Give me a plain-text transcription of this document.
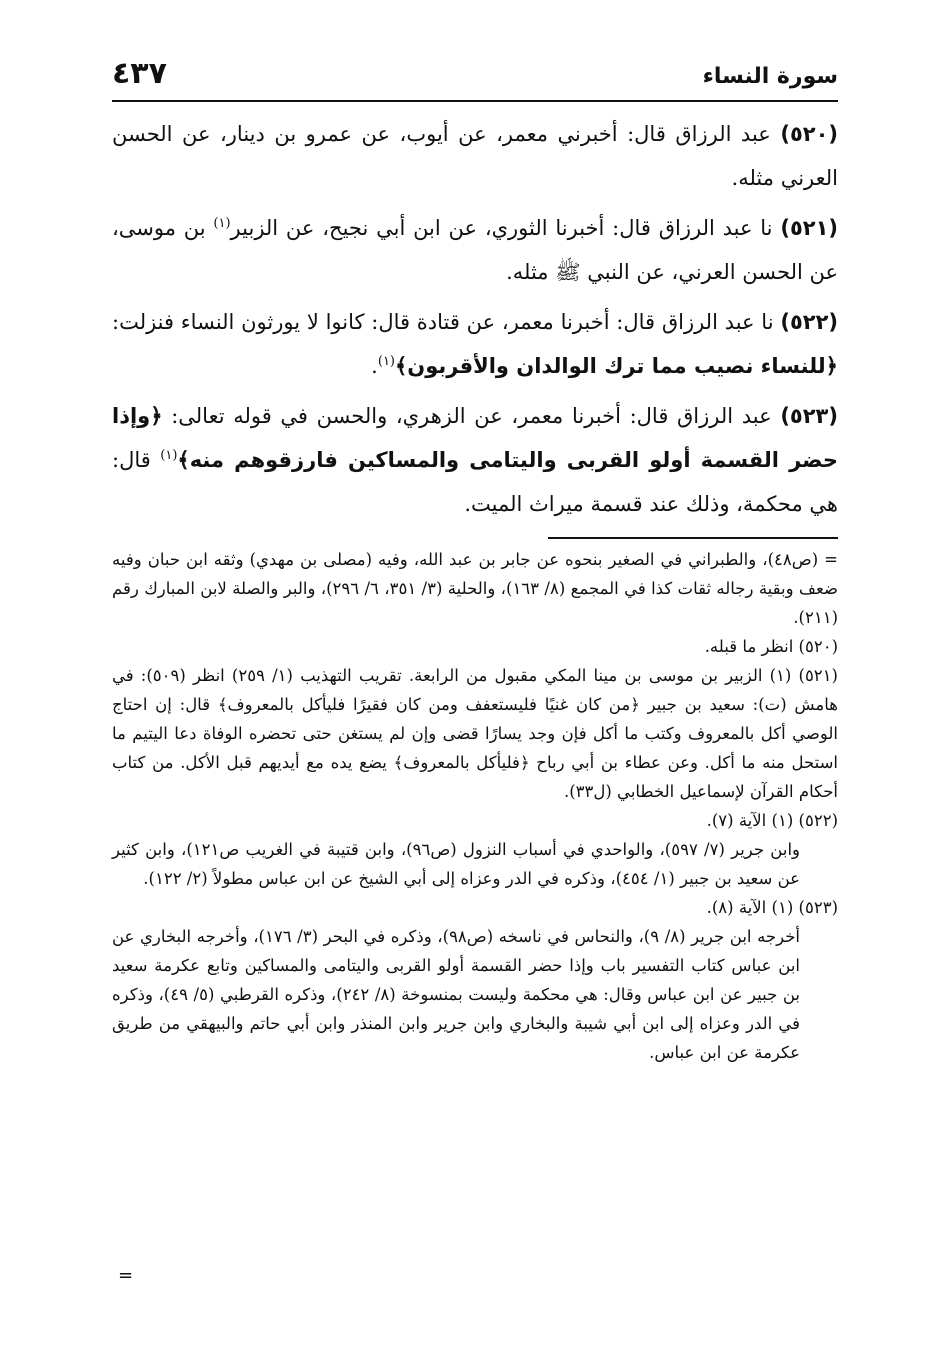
سورة النساء
٤٣٧

(٥٢٠) عبد الرزاق قال: أخبرني معمر، عن أيوب، عن عمرو بن دينار، عن الحسن العرني مثله.

(٥٢١) نا عبد الرزاق قال: أخبرنا الثوري، عن ابن أبي نجيح، عن الزبير$^{(١)}$ بن موسى، عن الحسن العرني، عن النبي ﷺ مثله.

(٥٢٢) نا عبد الرزاق قال: أخبرنا معمر، عن قتادة قال: كانوا لا يورثون النساء فنزلت: ﴿للنساء نصيب مما ترك الوالدان والأقربون﴾$^{(١)}$.

(٥٢٣) عبد الرزاق قال: أخبرنا معمر، عن الزهري، والحسن في قوله تعالى: ﴿وإذا حضر القسمة أولو القربى واليتامى والمساكين فارزقوهم منه﴾$^{(١)}$ قال: هي محكمة، وذلك عند قسمة ميراث الميت.

= (ص٤٨)، والطبراني في الصغير بنحوه عن جابر بن عبد الله، وفيه (مصلى بن مهدي) وثقه ابن حبان وفيه ضعف وبقية رجاله ثقات كذا في المجمع (٨/ ١٦٣)، والحلية (٣/ ٣٥١، ٦/ ٢٩٦)، والبر والصلة لابن المبارك رقم (٢١١).

(٥٢٠) انظر ما قبله.

(٥٢١) (١) الزبير بن موسى بن مينا المكي مقبول من الرابعة. تقريب التهذيب (١/ ٢٥٩) انظر (٥٠٩): في هامش (ت): سعيد بن جبير ﴿من كان غنيًا فليستعفف ومن كان فقيرًا فليأكل بالمعروف﴾ قال: إن احتاج الوصي أكل بالمعروف وكتب ما أكل فإن وجد يسارًا قضى وإن لم يستغن حتى تحضره الوفاة دعا اليتيم ما استحل منه ما أكل. وعن عطاء بن أبي رباح ﴿فليأكل بالمعروف﴾ يضع يده مع أيديهم قبل الأكل. من كتاب أحكام القرآن لإسماعيل الخطابي (ل٣٣).

(٥٢٢) (١) الآية (٧).

وابن جرير (٧/ ٥٩٧)، والواحدي في أسباب النزول (ص٩٦)، وابن قتيبة في الغريب ص١٢١)، وابن كثير عن سعيد بن جبير (١/ ٤٥٤)، وذكره في الدر وعزاه إلى أبي الشيخ عن ابن عباس مطولاً (٢/ ١٢٢).

(٥٢٣) (١) الآية (٨).

أخرجه ابن جرير (٨/ ٩)، والنحاس في ناسخه (ص٩٨)، وذكره في البحر (٣/ ١٧٦)، وأخرجه البخاري عن ابن عباس كتاب التفسير باب وإذا حضر القسمة أولو القربى واليتامى والمساكين وتابع عكرمة سعيد بن جبير عن ابن عباس وقال: هي محكمة وليست بمنسوخة (٨/ ٢٤٢)، وذكره القرطبي (٥/ ٤٩)، وذكره في الدر وعزاه إلى ابن أبي شيبة والبخاري وابن جرير وابن المنذر وابن أبي حاتم والبيهقي من طريق عكرمة عن ابن عباس.

=
